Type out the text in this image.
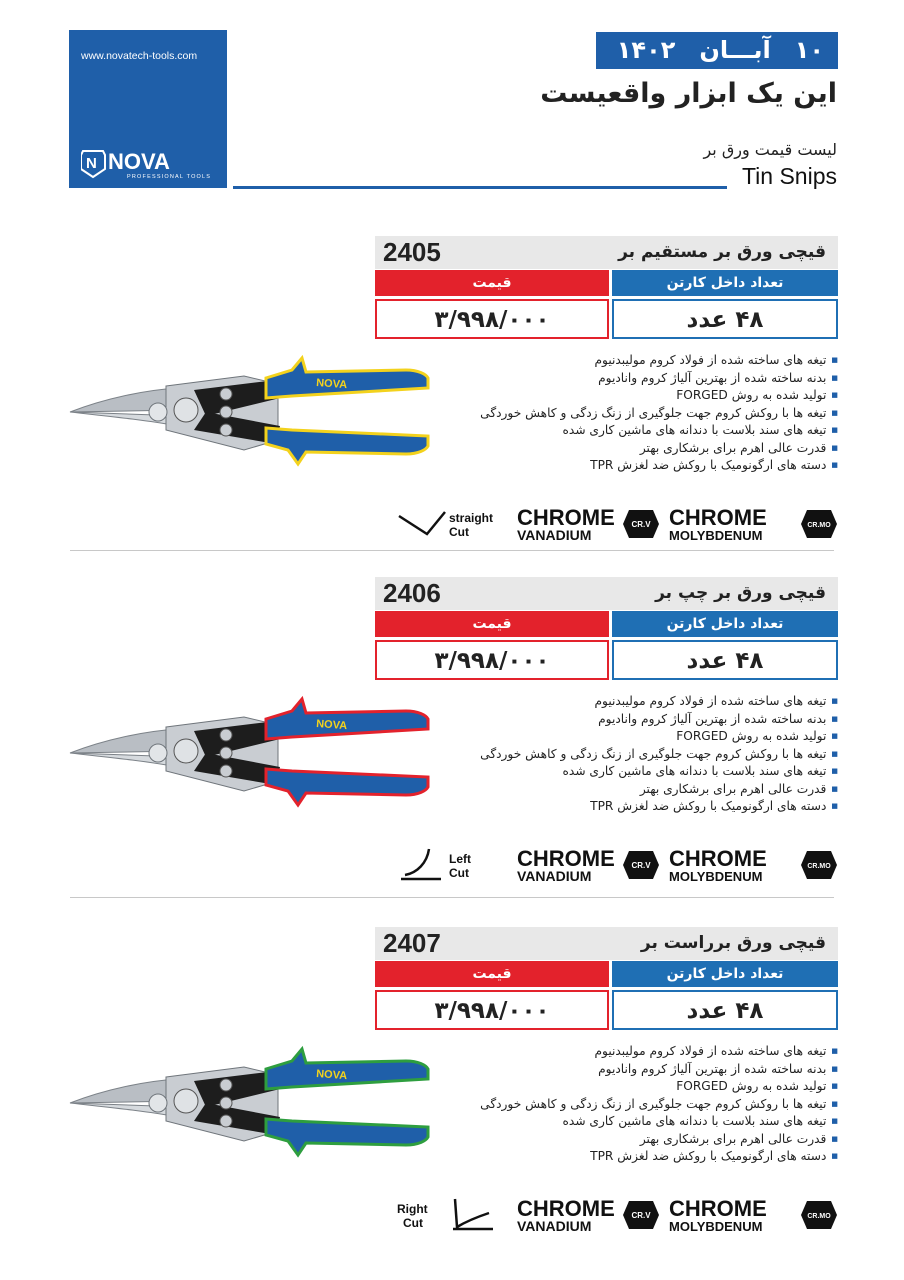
www.novatech-tools.com
N NOVA
PROFESSIONAL TOOLS
۱۰آبـــان۱۴۰۲
این یک ابزار واقعیست
لیست قیمت ورق بر
Tin Snips
2405	قیچی ورق بر مستقیم بر
قیمت	تعداد داخل کارتن
۳/۹۹۸/۰۰۰	۴۸ عدد
NOVA
■ تیغه های ساخته شده از فولاد کروم مولیبدنیوم
■ بدنه ساخته شده از بهترین آلیاژ کروم وانادیوم
■ تولید شده به روش FORGED
■ تیغه ها با روکش کروم جهت جلوگیری از زنگ زدگی و کاهش خوردگی
■ تیغه های سند بلاست با دندانه های ماشین کاری شده
■ قدرت عالی اهرم برای برشکاری بهتر
■ دسته های ارگونومیک با روکش ضد لغزش TPR
straight
Cut
CHROME
VANADIUM
CR.V CHROME
MOLYBDENUM
CR.MO
2406	قیچی ورق بر چپ بر
قیمت	تعداد داخل کارتن
۳/۹۹۸/۰۰۰	۴۸ عدد
NOVA
■ تیغه های ساخته شده از فولاد کروم مولیبدنیوم
■ بدنه ساخته شده از بهترین آلیاژ کروم وانادیوم
■ تولید شده به روش FORGED
■ تیغه ها با روکش کروم جهت جلوگیری از زنگ زدگی و کاهش خوردگی
■ تیغه های سند بلاست با دندانه های ماشین کاری شده
■ قدرت عالی اهرم برای برشکاری بهتر
■ دسته های ارگونومیک با روکش ضد لغزش TPR
Left
Cut
CHROME
VANADIUM
CR.V CHROME
MOLYBDENUM
CR.MO
2407	قیچی ورق برراست بر
قیمت	تعداد داخل کارتن
۳/۹۹۸/۰۰۰	۴۸ عدد
NOVA
■ تیغه های ساخته شده از فولاد کروم مولیبدنیوم
■ بدنه ساخته شده از بهترین آلیاژ کروم وانادیوم
■ تولید شده به روش FORGED
■ تیغه ها با روکش کروم جهت جلوگیری از زنگ زدگی و کاهش خوردگی
■ تیغه های سند بلاست با دندانه های ماشین کاری شده
■ قدرت عالی اهرم برای برشکاری بهتر
■ دسته های ارگونومیک با روکش ضد لغزش TPR
Right
Cut
CHROME
VANADIUM
CR.V CHROME
MOLYBDENUM
CR.MO
